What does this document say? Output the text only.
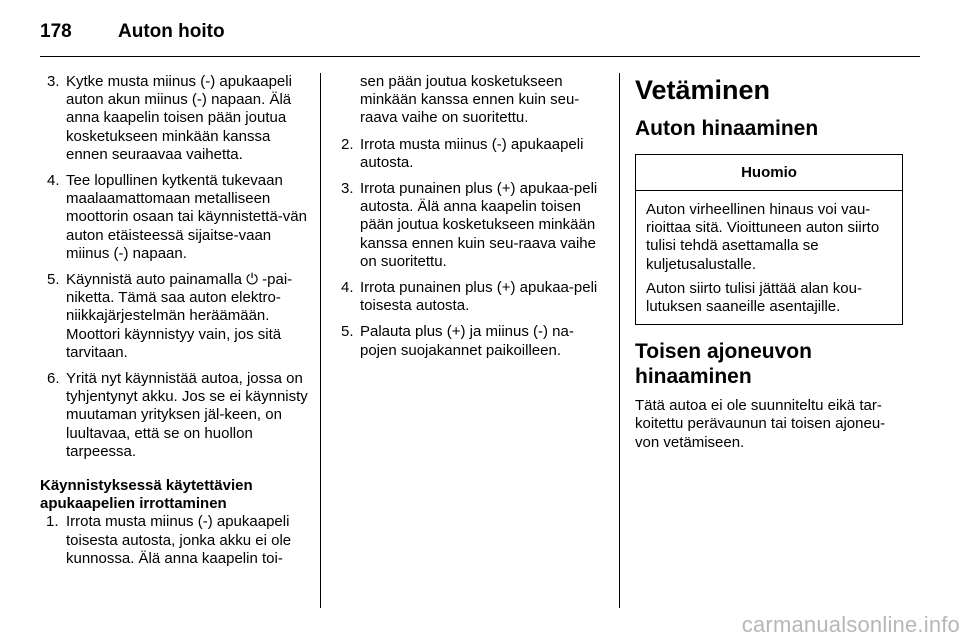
178 Auton hoito
3. Kytke musta miinus (-) apukaapeli auton akun miinus (-) napaan. Älä anna kaapelin toisen pään joutua kosketukseen minkään kanssa ennen seuraavaa vaihetta.
4. Tee lopullinen kytkentä tukevaan maalaamattomaan metalliseen moottorin osaan tai käynnistettä-vän auton etäisteessä sijaitse-vaan miinus (-) napaan.
5. Käynnistä auto painamalla ⏻ -pai-niketta. Tämä saa auton elektro-niikkajärjestelmän heräämään. Moottori käynnistyy vain, jos sitä tarvitaan.
6. Yritä nyt käynnistää autoa, jossa on tyhjentynyt akku. Jos se ei käynnisty muutaman yrityksen jäl-keen, on luultavaa, että se on huollon tarpeessa.
Käynnistyksessä käytettävien apukaapelien irrottaminen
1. Irrota musta miinus (-) apukaapeli toisesta autosta, jonka akku ei ole kunnossa. Älä anna kaapelin toi-
sen pään joutua kosketukseen minkään kanssa ennen kuin seu-raava vaihe on suoritettu.
2. Irrota musta miinus (-) apukaapeli autosta.
3. Irrota punainen plus (+) apukaa-peli autosta. Älä anna kaapelin toisen pään joutua kosketukseen minkään kanssa ennen kuin seu-raava vaihe on suoritettu.
4. Irrota punainen plus (+) apukaa-peli toisesta autosta.
5. Palauta plus (+) ja miinus (-) na-pojen suojakannet paikoilleen.
Vetäminen
Auton hinaaminen
Huomio

Auton virheellinen hinaus voi vau-rioittaa sitä. Vioittuneen auton siirto tulisi tehdä asettamalla se kuljetusalustalle.

Auton siirto tulisi jättää alan kou-lutuksen saaneille asentajille.

Toisen ajoneuvon hinaaminen

Tätä autoa ei ole suunniteltu eikä tar-koitettu perävaunun tai toisen ajoneu-von vetämiseen.

carmanualsonline.info
